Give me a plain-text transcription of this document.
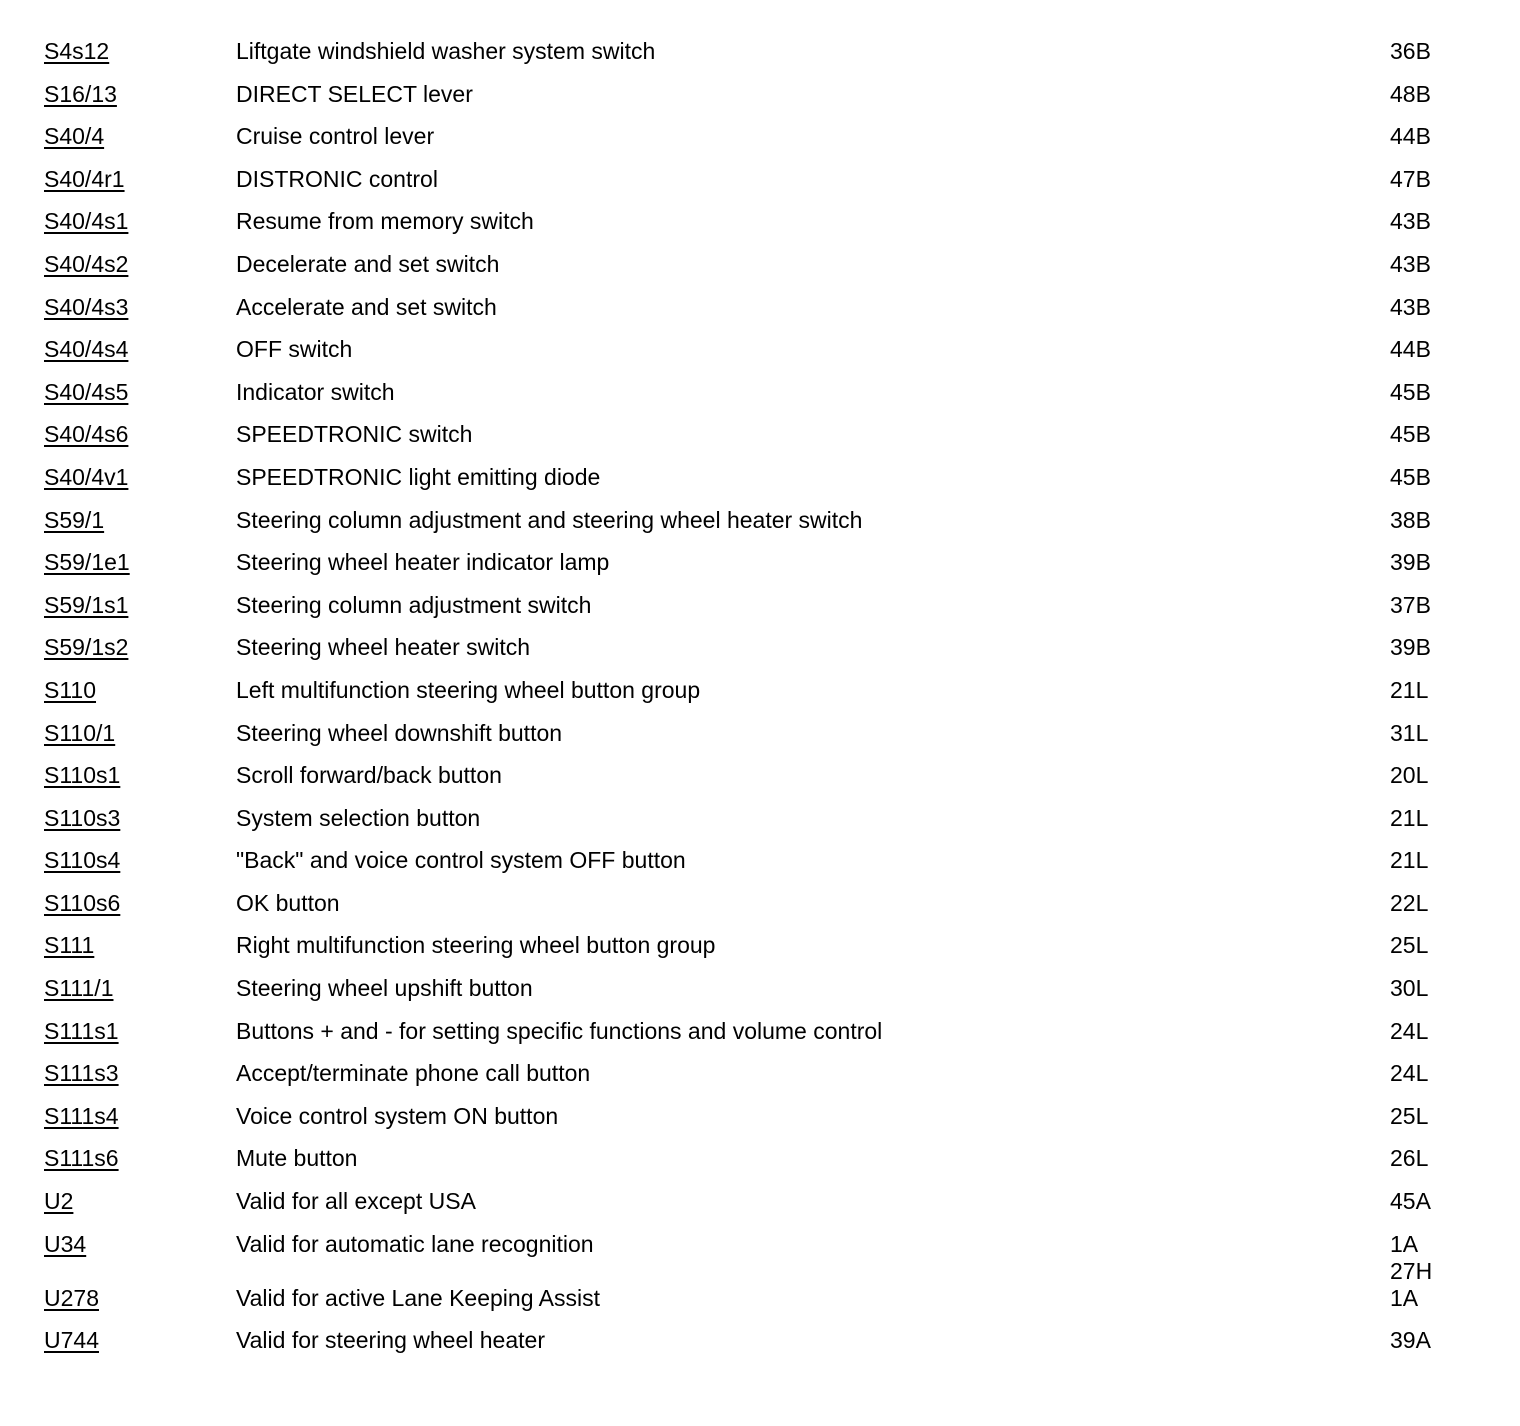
S4s12	Liftgate windshield washer system switch	36B
S16/13	DIRECT SELECT lever	48B
S40/4	Cruise control lever	44B
S40/4r1	DISTRONIC control	47B
S40/4s1	Resume from memory switch	43B
S40/4s2	Decelerate and set switch	43B
S40/4s3	Accelerate and set switch	43B
S40/4s4	OFF switch	44B
S40/4s5	Indicator switch	45B
S40/4s6	SPEEDTRONIC switch	45B
S40/4v1	SPEEDTRONIC light emitting diode	45B
S59/1	Steering column adjustment and steering wheel heater switch	38B
S59/1e1	Steering wheel heater indicator lamp	39B
S59/1s1	Steering column adjustment switch	37B
S59/1s2	Steering wheel heater switch	39B
S110	Left multifunction steering wheel button group	21L
S110/1	Steering wheel downshift button	31L
S110s1	Scroll forward/back button	20L
S110s3	System selection button	21L
S110s4	"Back" and voice control system OFF button	21L
S110s6	OK button	22L
S111	Right multifunction steering wheel button group	25L
S111/1	Steering wheel upshift button	30L
S111s1	Buttons + and - for setting specific functions and volume control	24L
S111s3	Accept/terminate phone call button	24L
S111s4	Voice control system ON button	25L
S111s6	Mute button	26L
U2	Valid for all except USA	45A
U34	Valid for automatic lane recognition	1A
27H
U278	Valid for active Lane Keeping Assist	1A
U744	Valid for steering wheel heater	39A
